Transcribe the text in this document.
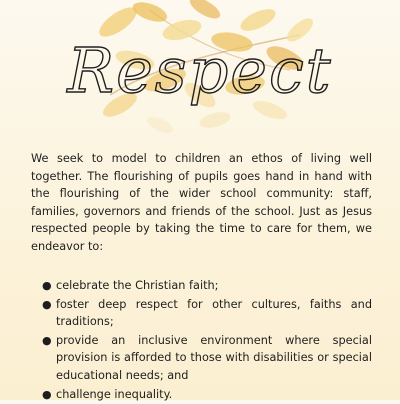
Respect

We seek to model to children an ethos of living well together. The flourishing of pupils goes hand in hand with the flourishing of the wider school community: staff, families, governors and friends of the school. Just as Jesus respected people by taking the time to care for them, we endeavor to:

● celebrate the Christian faith;
● foster deep respect for other cultures, faiths and traditions;
● provide an inclusive environment where special provision is afforded to those with disabilities or special educational needs; and
● challenge inequality.
